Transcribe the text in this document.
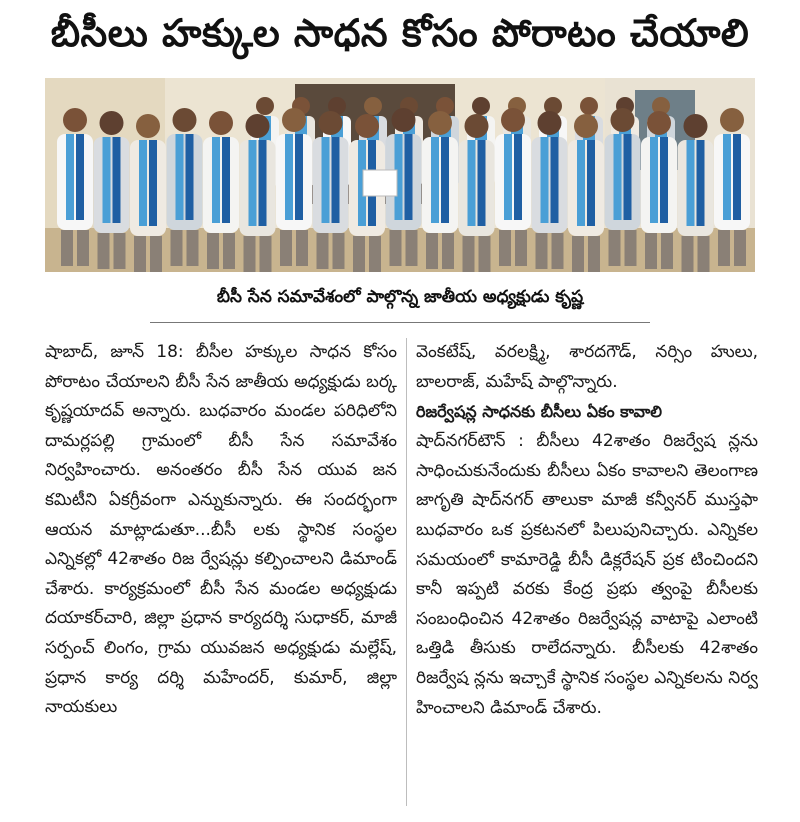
బీసీలు హక్కుల సాధన కోసం పోరాటం చేయాలి
బీసీ సేన సమావేశంలో పాల్గొన్న జాతీయ అధ్యక్షుడు కృష్ణ

షాబాద్, జూన్ 18: బీసీల హక్కుల సాధన కోసం పోరాటం చేయాలని బీసీ సేన జాతీయ అధ్యక్షుడు బర్క కృష్ణయాదవ్ అన్నారు. బుధవారం మండల పరిధిలోని దామర్లపల్లి గ్రామంలో బీసీ సేన సమావేశం నిర్వహించారు. అనంతరం బీసీ సేన యువ జన కమిటీని ఏకగ్రీవంగా ఎన్నుకున్నారు. ఈ సందర్భంగా ఆయన మాట్లాడుతూ...బీసీ లకు స్థానిక సంస్థల ఎన్నికల్లో 42శాతం రిజ ర్వేషన్లు కల్పించాలని డిమాండ్ చేశారు. కార్యక్రమంలో బీసీ సేన మండల అధ్యక్షుడు దయాకర్‌చారి, జిల్లా ప్రధాన కార్యదర్శి సుధాకర్, మాజీ సర్పంచ్ లింగం, గ్రామ యువజన అధ్యక్షుడు మల్లేష్, ప్రధాన కార్య దర్శి మహేందర్, కుమార్, జిల్లా నాయకులు

వెంకటేష్, వరలక్ష్మి, శారదగౌడ్, నర్సిం హులు, బాలరాజ్, మహేష్ పాల్గొన్నారు.

రిజర్వేషన్ల సాధనకు బీసీలు ఏకం కావాలి

షాద్‌నగర్‌టౌన్ : బీసీలు 42శాతం రిజర్వేష న్లను సాధించుకునేందుకు బీసీలు ఏకం కావాలని తెలంగాణ జాగృతి షాద్‌నగర్ తాలుకా మాజీ కన్వీనర్ ముస్తఫా బుధవారం ఒక ప్రకటనలో పిలుపునిచ్చారు. ఎన్నికల సమయంలో కామారెడ్డి బీసీ డిక్లరేషన్ ప్రక టించిందని కానీ ఇప్పటి వరకు కేంద్ర ప్రభు త్వంపై బీసీలకు సంబంధించిన 42శాతం రిజర్వేషన్ల వాటాపై ఎలాంటి ఒత్తిడి తీసుకు రాలేదన్నారు. బీసీలకు 42శాతం రిజర్వేష న్లను ఇచ్చాకే స్థానిక సంస్థల ఎన్నికలను నిర్వ హించాలని డిమాండ్ చేశారు.
